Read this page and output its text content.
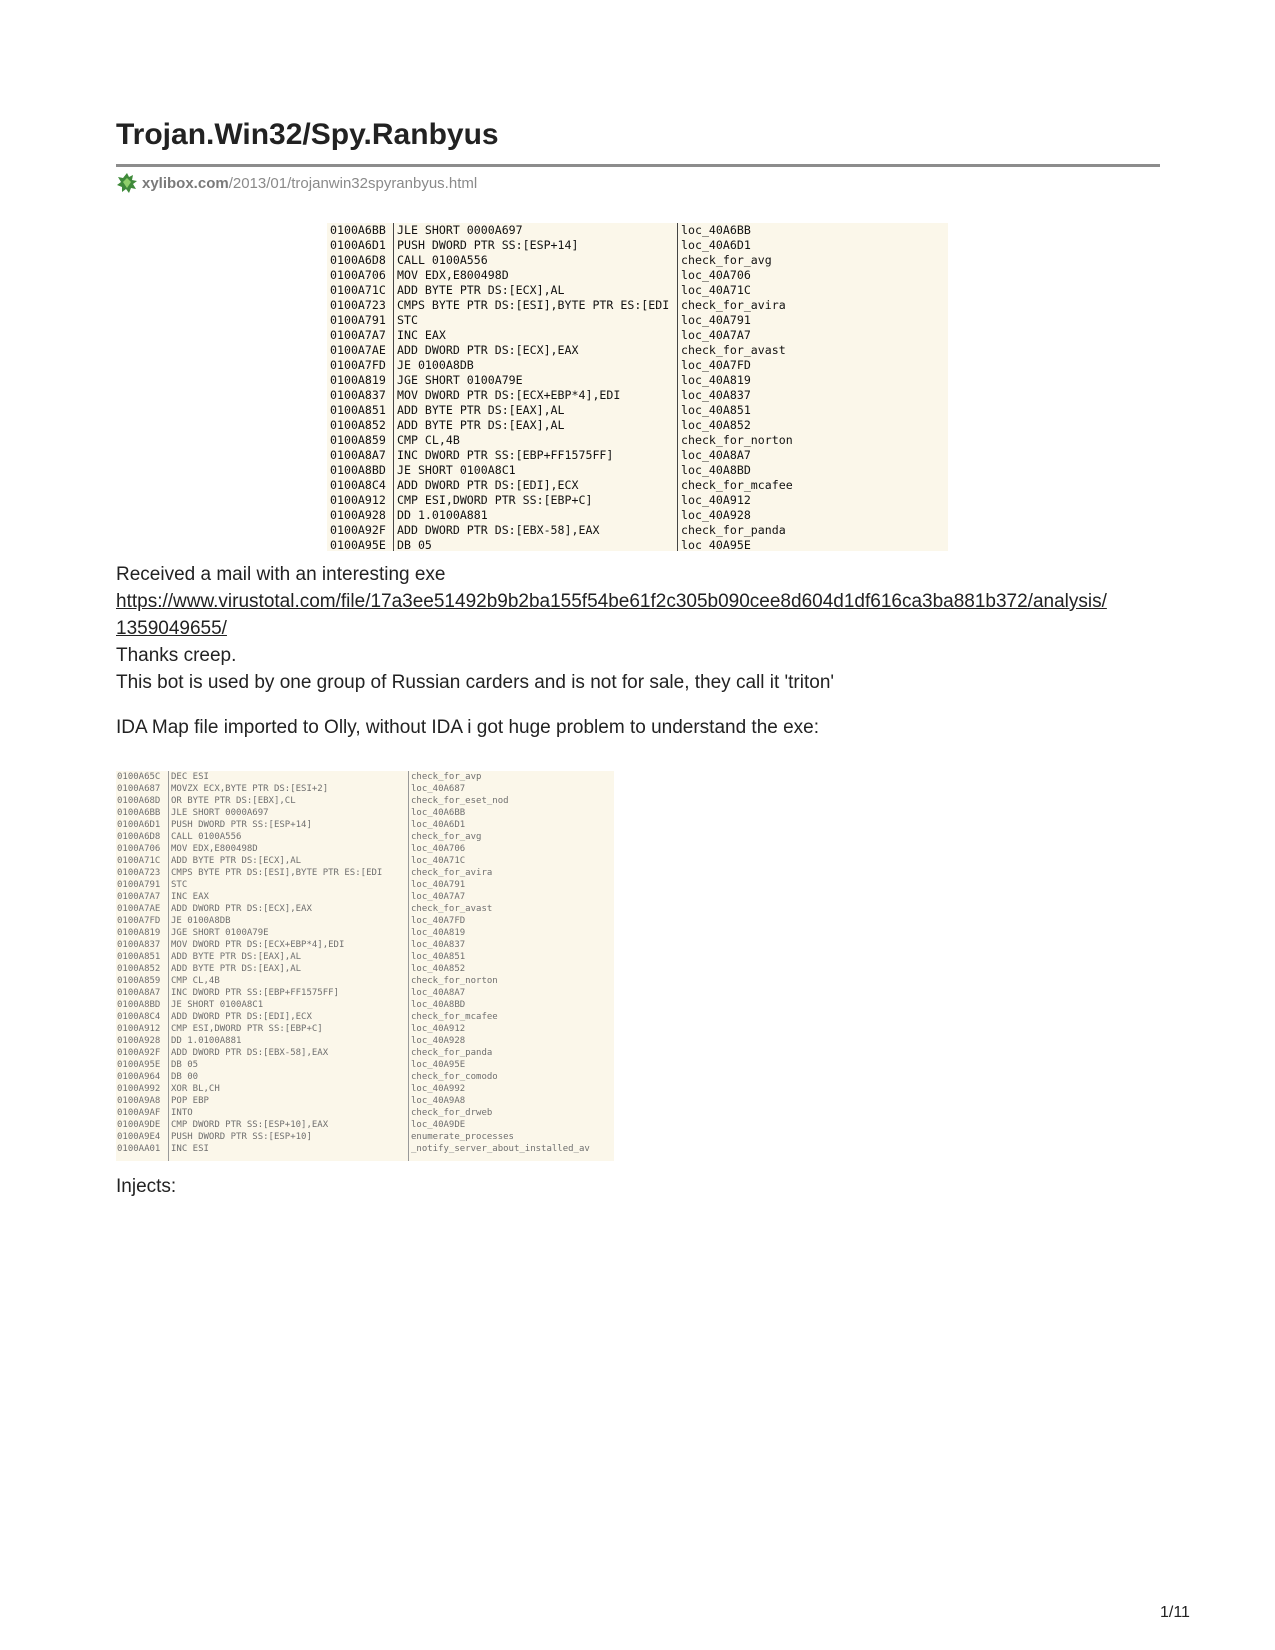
Trojan.Win32/Spy.Ranbyus
xylibox.com /2013/01/trojanwin32spyranbyus.html
0100A6BB
0100A6D1
0100A6D8
0100A706
0100A71C
0100A723
0100A791
0100A7A7
0100A7AE
0100A7FD
0100A819
0100A837
0100A851
0100A852
0100A859
0100A8A7
0100A8BD
0100A8C4
0100A912
0100A928
0100A92F
0100A95E
JLE SHORT 0000A697
PUSH DWORD PTR SS:[ESP+14]
CALL 0100A556
MOV EDX,E800498D
ADD BYTE PTR DS:[ECX],AL
CMPS BYTE PTR DS:[ESI],BYTE PTR ES:[EDI
STC
INC EAX
ADD DWORD PTR DS:[ECX],EAX
JE 0100A8DB
JGE SHORT 0100A79E
MOV DWORD PTR DS:[ECX+EBP*4],EDI
ADD BYTE PTR DS:[EAX],AL
ADD BYTE PTR DS:[EAX],AL
CMP CL,4B
INC DWORD PTR SS:[EBP+FF1575FF]
JE SHORT 0100A8C1
ADD DWORD PTR DS:[EDI],ECX
CMP ESI,DWORD PTR SS:[EBP+C]
DD 1.0100A881
ADD DWORD PTR DS:[EBX-58],EAX
DB 05
loc_40A6BB
loc_40A6D1
check_for_avg
loc_40A706
loc_40A71C
check_for_avira
loc_40A791
loc_40A7A7
check_for_avast
loc_40A7FD
loc_40A819
loc_40A837
loc_40A851
loc_40A852
check_for_norton
loc_40A8A7
loc_40A8BD
check_for_mcafee
loc_40A912
loc_40A928
check_for_panda
loc_40A95E
Received a mail with an interesting exe
https://www.virustotal.com/file/17a3ee51492b9b2ba155f54be61f2c305b090cee8d604d1df616ca3ba881b372/analysis/
1359049655/
Thanks creep.
This bot is used by one group of Russian carders and is not for sale, they call it 'triton'
IDA Map file imported to Olly, without IDA i got huge problem to understand the exe:
0100A65C
0100A687
0100A68D
0100A6BB
0100A6D1
0100A6D8
0100A706
0100A71C
0100A723
0100A791
0100A7A7
0100A7AE
0100A7FD
0100A819
0100A837
0100A851
0100A852
0100A859
0100A8A7
0100A8BD
0100A8C4
0100A912
0100A928
0100A92F
0100A95E
0100A964
0100A992
0100A9A8
0100A9AF
0100A9DE
0100A9E4
0100AA01
DEC ESI
MOVZX ECX,BYTE PTR DS:[ESI+2]
OR BYTE PTR DS:[EBX],CL
JLE SHORT 0000A697
PUSH DWORD PTR SS:[ESP+14]
CALL 0100A556
MOV EDX,E800498D
ADD BYTE PTR DS:[ECX],AL
CMPS BYTE PTR DS:[ESI],BYTE PTR ES:[EDI
STC
INC EAX
ADD DWORD PTR DS:[ECX],EAX
JE 0100A8DB
JGE SHORT 0100A79E
MOV DWORD PTR DS:[ECX+EBP*4],EDI
ADD BYTE PTR DS:[EAX],AL
ADD BYTE PTR DS:[EAX],AL
CMP CL,4B
INC DWORD PTR SS:[EBP+FF1575FF]
JE SHORT 0100A8C1
ADD DWORD PTR DS:[EDI],ECX
CMP ESI,DWORD PTR SS:[EBP+C]
DD 1.0100A881
ADD DWORD PTR DS:[EBX-58],EAX
DB 05
DB 00
XOR BL,CH
POP EBP
INTO
CMP DWORD PTR SS:[ESP+10],EAX
PUSH DWORD PTR SS:[ESP+10]
INC ESI
check_for_avp
loc_40A687
check_for_eset_nod
loc_40A6BB
loc_40A6D1
check_for_avg
loc_40A706
loc_40A71C
check_for_avira
loc_40A791
loc_40A7A7
check_for_avast
loc_40A7FD
loc_40A819
loc_40A837
loc_40A851
loc_40A852
check_for_norton
loc_40A8A7
loc_40A8BD
check_for_mcafee
loc_40A912
loc_40A928
check_for_panda
loc_40A95E
check_for_comodo
loc_40A992
loc_40A9A8
check_for_drweb
loc_40A9DE
enumerate_processes
_notify_server_about_installed_av
Injects:
1/11
